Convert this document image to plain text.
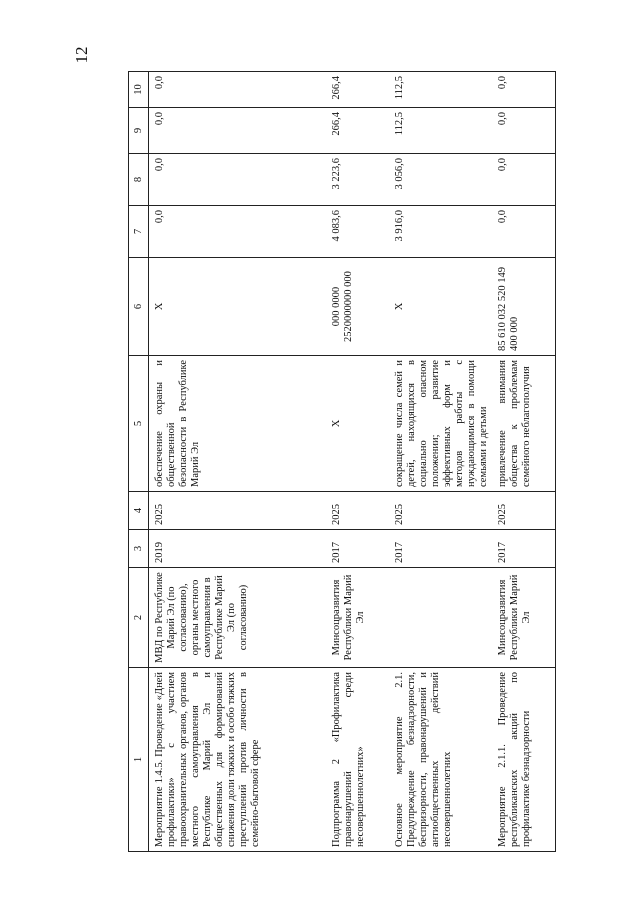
12
1	2	3	4	5	6	7	8	9	10
Мероприятие 1.4.5. Проведение «Дней профилактики» с участием правоохранительных органов, органов местного самоуправления в Республике Марий Эл и общественных для формирований снижения доли тяжких и особо тяжких преступлений против личности в семейно-бытовой сфере	МВД по Республике Марий Эл (по согласованию), органы местного самоуправления в Республике Марий Эл (по согласованию)	2019	2025	обеспечение охраны и общественной безопасности в Республике Марий Эл	Х	0,0	0,0	0,0	0,0
Подпрограмма 2 «Профилактика правонарушений среди несовершеннолетних»	Минсоцразвития Республики Марий Эл	2017	2025	Х	000 0000 2520000000 000	4 083,6	3 223,6	266,4	266,4
Основное мероприятие 2.1. Предупреждение безнадзорности, беспризорности, правонарушений и антиобщественных действий несовершеннолетних		2017	2025	сокращение числа семей и детей, находящихся в социально опасном положении; развитие эффективных форм и методов работы с нуждающимися в помощи семьями и детьми	Х	3 916,0	3 056,0	112,5	112,5
Мероприятие 2.1.1. Проведение республиканских акций по профилактике безнадзорности	Минсоцразвития Республики Марий Эл	2017	2025	привлечение внимания общества к проблемам семейного неблагополучия	85 610 032 520 149 400 000	0,0	0,0	0,0	0,0
